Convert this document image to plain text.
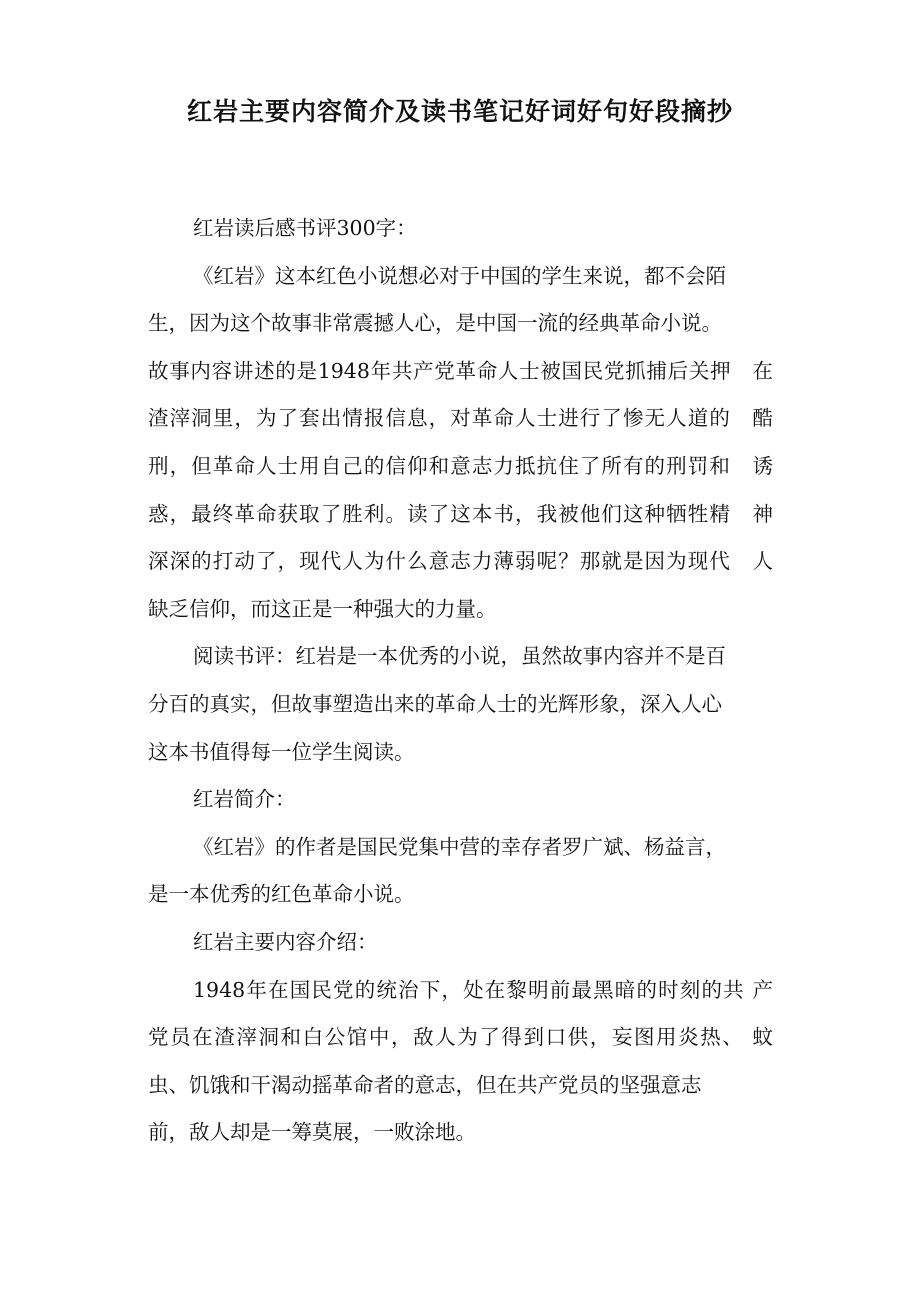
红岩主要内容简介及读书笔记好词好句好段摘抄
红岩读后感书评300字：
《红岩》这本红色小说想必对于中国的学生来说，都不会陌
生，因为这个故事非常震撼人心，是中国一流的经典革命小说。
故事内容讲述的是1948年共产党革命人士被国民党抓捕后关押　在
渣滓洞里，为了套出情报信息，对革命人士进行了惨无人道的　酷
刑，但革命人士用自己的信仰和意志力抵抗住了所有的刑罚和　诱
惑，最终革命获取了胜利。读了这本书，我被他们这种牺牲精　神
深深的打动了，现代人为什么意志力薄弱呢？那就是因为现代　人
缺乏信仰，而这正是一种强大的力量。
阅读书评：红岩是一本优秀的小说，虽然故事内容并不是百
分百的真实，但故事塑造出来的革命人士的光辉形象，深入人心
这本书值得每一位学生阅读。
红岩简介：
《红岩》的作者是国民党集中营的幸存者罗广斌、杨益言，
是一本优秀的红色革命小说。
红岩主要内容介绍：
1948年在国民党的统治下，处在黎明前最黑暗的时刻的共 产
党员在渣滓洞和白公馆中，敌人为了得到口供，妄图用炎热、 蚊
虫、饥饿和干渴动摇革命者的意志，但在共产党员的坚强意志
前，敌人却是一筹莫展，一败涂地。
